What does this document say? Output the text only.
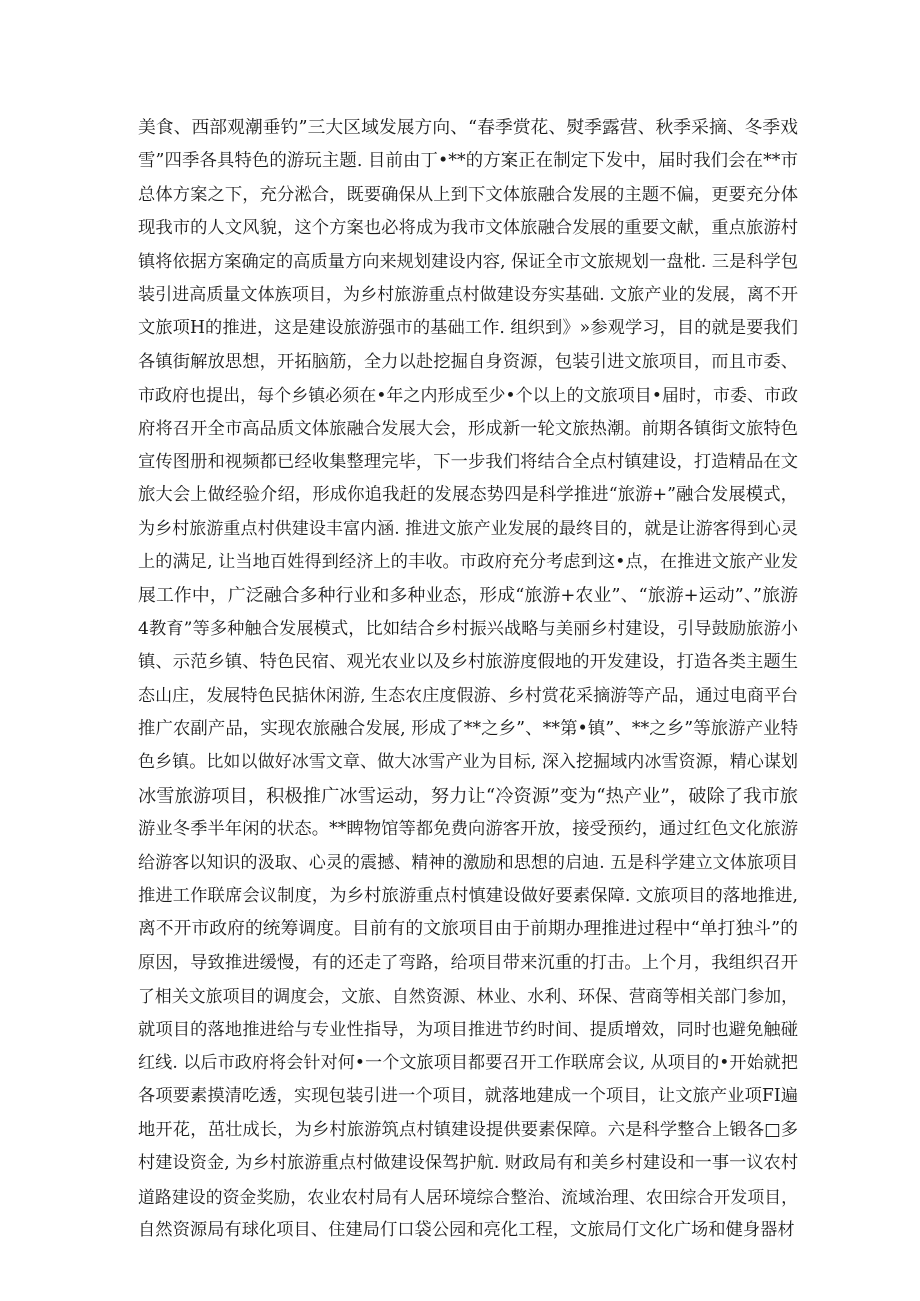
美食、西部观潮垂钓”三大区域发展方向、“春季赏花、熨季露营、秋季采摘、冬季戏
雪”四季各具特色的游玩主题. 目前由丁•**的方案正在制定下发中，届时我们会在**市
总体方案之下，充分淞合，既要确保从上到下文体旅融合发展的主题不偏，更要充分体
现我市的人文风貌，这个方案也必将成为我市文体旅融合发展的重要文献，重点旅游村
镇将依据方案确定的高质量方向来规划建设内容, 保证全市文旅规划一盘枇. 三是科学包
装引进高质量文体族项目，为乡村旅游重点村做建设夯实基础. 文旅产业的发展，离不开
文旅项H的推进，这是建设旅游强市的基础工作. 组织到》»参观学习，目的就是要我们
各镇街解放思想，开拓脑筋，全力以赴挖掘自身资源，包装引进文旅项目，而且市委、
市政府也提出，每个乡镇必须在•年之内形成至少•个以上的文旅项目•届时，市委、市政
府将召开全市高品质文体旅融合发展大会，形成新一轮文旅热潮。前期各镇街文旅特色
宣传图册和视频都已经收集整理完毕，下一步我们将结合全点村镇建设，打造精品在文
旅大会上做经验介绍，形成你追我赶的发展态势四是科学推进“旅游+”融合发展模式，
为乡村旅游重点村供建设丰富内涵. 推进文旅产业发展的最终目的，就是让游客得到心灵
上的满足, 让当地百姓得到经济上的丰收。市政府充分考虑到这•点，在推进文旅产业发
展工作中，广泛融合多种行业和多种业态，形成“旅游+农业”、“旅游+运动”、”旅游
4教育”等多种触合发展模式，比如结合乡村振兴战略与美丽乡村建设，引导鼓励旅游小
镇、示范乡镇、特色民宿、观光农业以及乡村旅游度假地的开发建设，打造各类主题生
态山庄，发展特色民掂休闲游, 生态农庄度假游、乡村赏花采摘游等产品，通过电商平台
推广农副产品，实现农旅融合发展, 形成了**之乡”、**第•镇”、**之乡”等旅游产业特
色乡镇。比如以做好冰雪文章、做大冰雪产业为目标, 深入挖掘域内冰雪资源，精心谋划
冰雪旅游项目，积极推广冰雪运动，努力让“冷资源”变为“热产业”，破除了我市旅
游业冬季半年闲的状态。**睥物馆等都免费向游客开放，接受预约，通过红色文化旅游
给游客以知识的汲取、心灵的震撼、精神的激励和思想的启迪. 五是科学建立文体旅项目
推进工作联席会议制度，为乡村旅游重点村慎建设做好要素保障. 文旅项目的落地推进,
离不开市政府的统筹调度。目前有的文旅项目由于前期办理推进过程中“单打独斗”的
原因，导致推进缓慢，有的还走了弯路，给项目带来沉重的打击。上个月，我组织召开
了相关文旅项目的调度会，文旅、自然资源、林业、水利、环保、营商等相关部门参加，
就项目的落地推进给与专业性指导，为项目推进节约时间、提质增效，同时也避免触碰
红线. 以后市政府将会针对何•一个文旅项目都要召开工作联席会议, 从项目的•开始就把
各项要素摸清吃透，实现包装引进一个项目，就落地建成一个项目，让文旅产业项FI遍
地开花，茁壮成长，为乡村旅游筑点村镇建设提供要素保障。六是科学整合上锻各□多
村建设资金, 为乡村旅游重点村做建设保驾护航. 财政局有和美乡村建设和一事一议农村
道路建设的资金奖励，农业农村局有人居环境综合整治、流域治理、农田综合开发项目，
自然资源局有球化项目、住建局仃口袋公园和亮化工程，文旅局仃文化广场和健身器材
